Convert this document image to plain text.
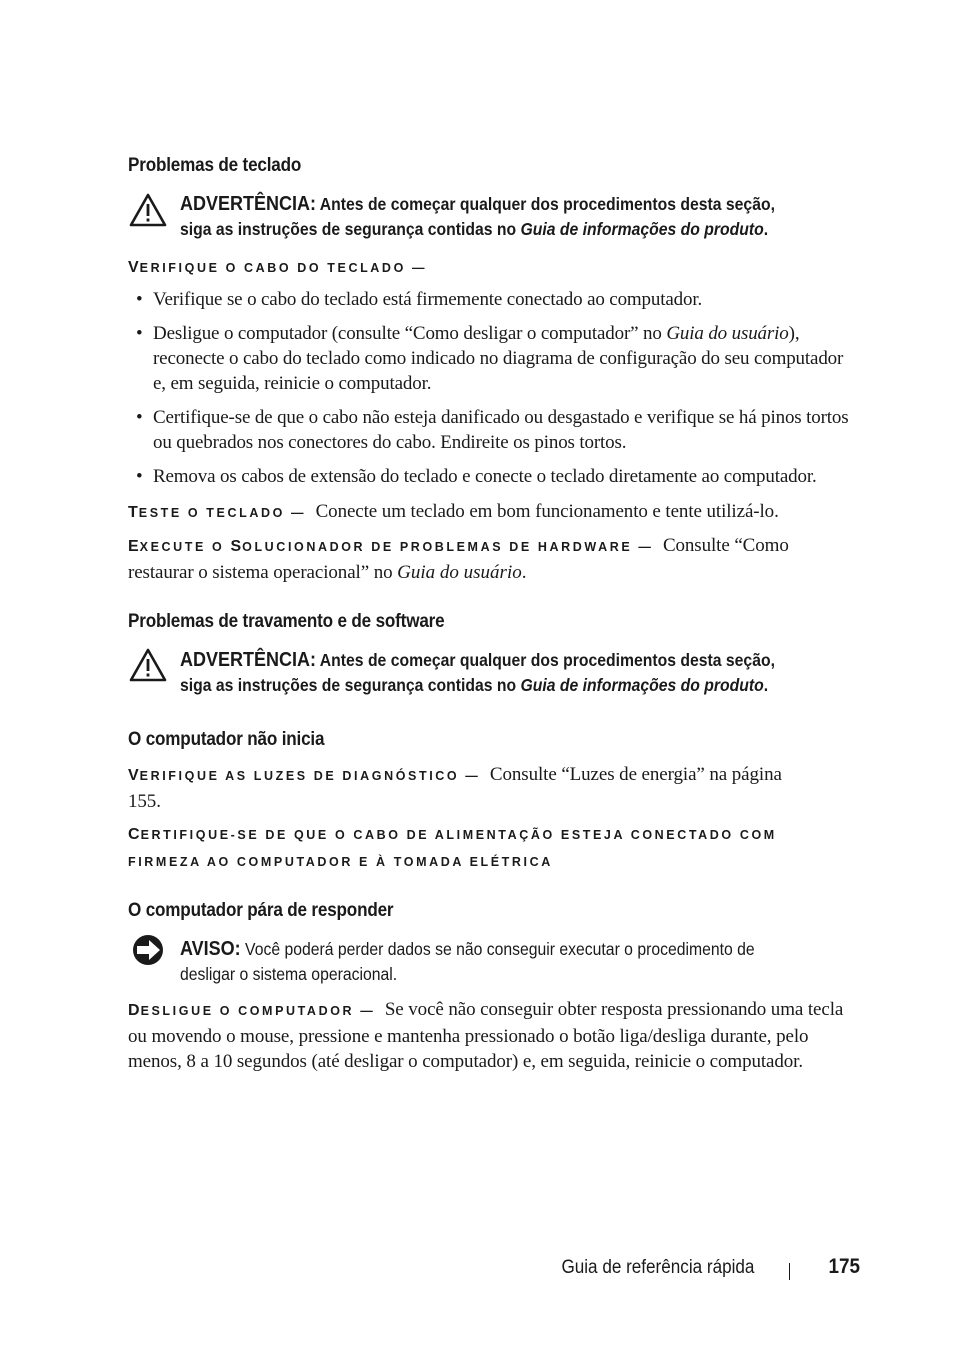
Problemas de teclado
ADVERTÊNCIA: Antes de começar qualquer dos procedimentos desta seção, siga as instruções de segurança contidas no Guia de informações do produto.
VERIFIQUE O CABO DO TECLADO —
• Verifique se o cabo do teclado está firmemente conectado ao computador.
• Desligue o computador (consulte “Como desligar o computador” no Guia do usuário), reconecte o cabo do teclado como indicado no diagrama de configuração do seu computador e, em seguida, reinicie o computador.
• Certifique-se de que o cabo não esteja danificado ou desgastado e verifique se há pinos tortos ou quebrados nos conectores do cabo. Endireite os pinos tortos.
• Remova os cabos de extensão do teclado e conecte o teclado diretamente ao computador.
TESTE O TECLADO — Conecte um teclado em bom funcionamento e tente utilizá-lo.
EXECUTE O SOLUCIONADOR DE PROBLEMAS DE HARDWARE — Consulte “Como restaurar o sistema operacional” no Guia do usuário.
Problemas de travamento e de software
ADVERTÊNCIA: Antes de começar qualquer dos procedimentos desta seção, siga as instruções de segurança contidas no Guia de informações do produto.
O computador não inicia
VERIFIQUE AS LUZES DE DIAGNÓSTICO — Consulte “Luzes de energia” na página 155.
CERTIFIQUE-SE DE QUE O CABO DE ALIMENTAÇÃO ESTEJA CONECTADO COM FIRMEZA AO COMPUTADOR E À TOMADA ELÉTRICA
O computador pára de responder
AVISO: Você poderá perder dados se não conseguir executar o procedimento de desligar o sistema operacional.
DESLIGUE O COMPUTADOR — Se você não conseguir obter resposta pressionando uma tecla ou movendo o mouse, pressione e mantenha pressionado o botão liga/desliga durante, pelo menos, 8 a 10 segundos (até desligar o computador) e, em seguida, reinicie o computador.
Guia de referência rápida	175
